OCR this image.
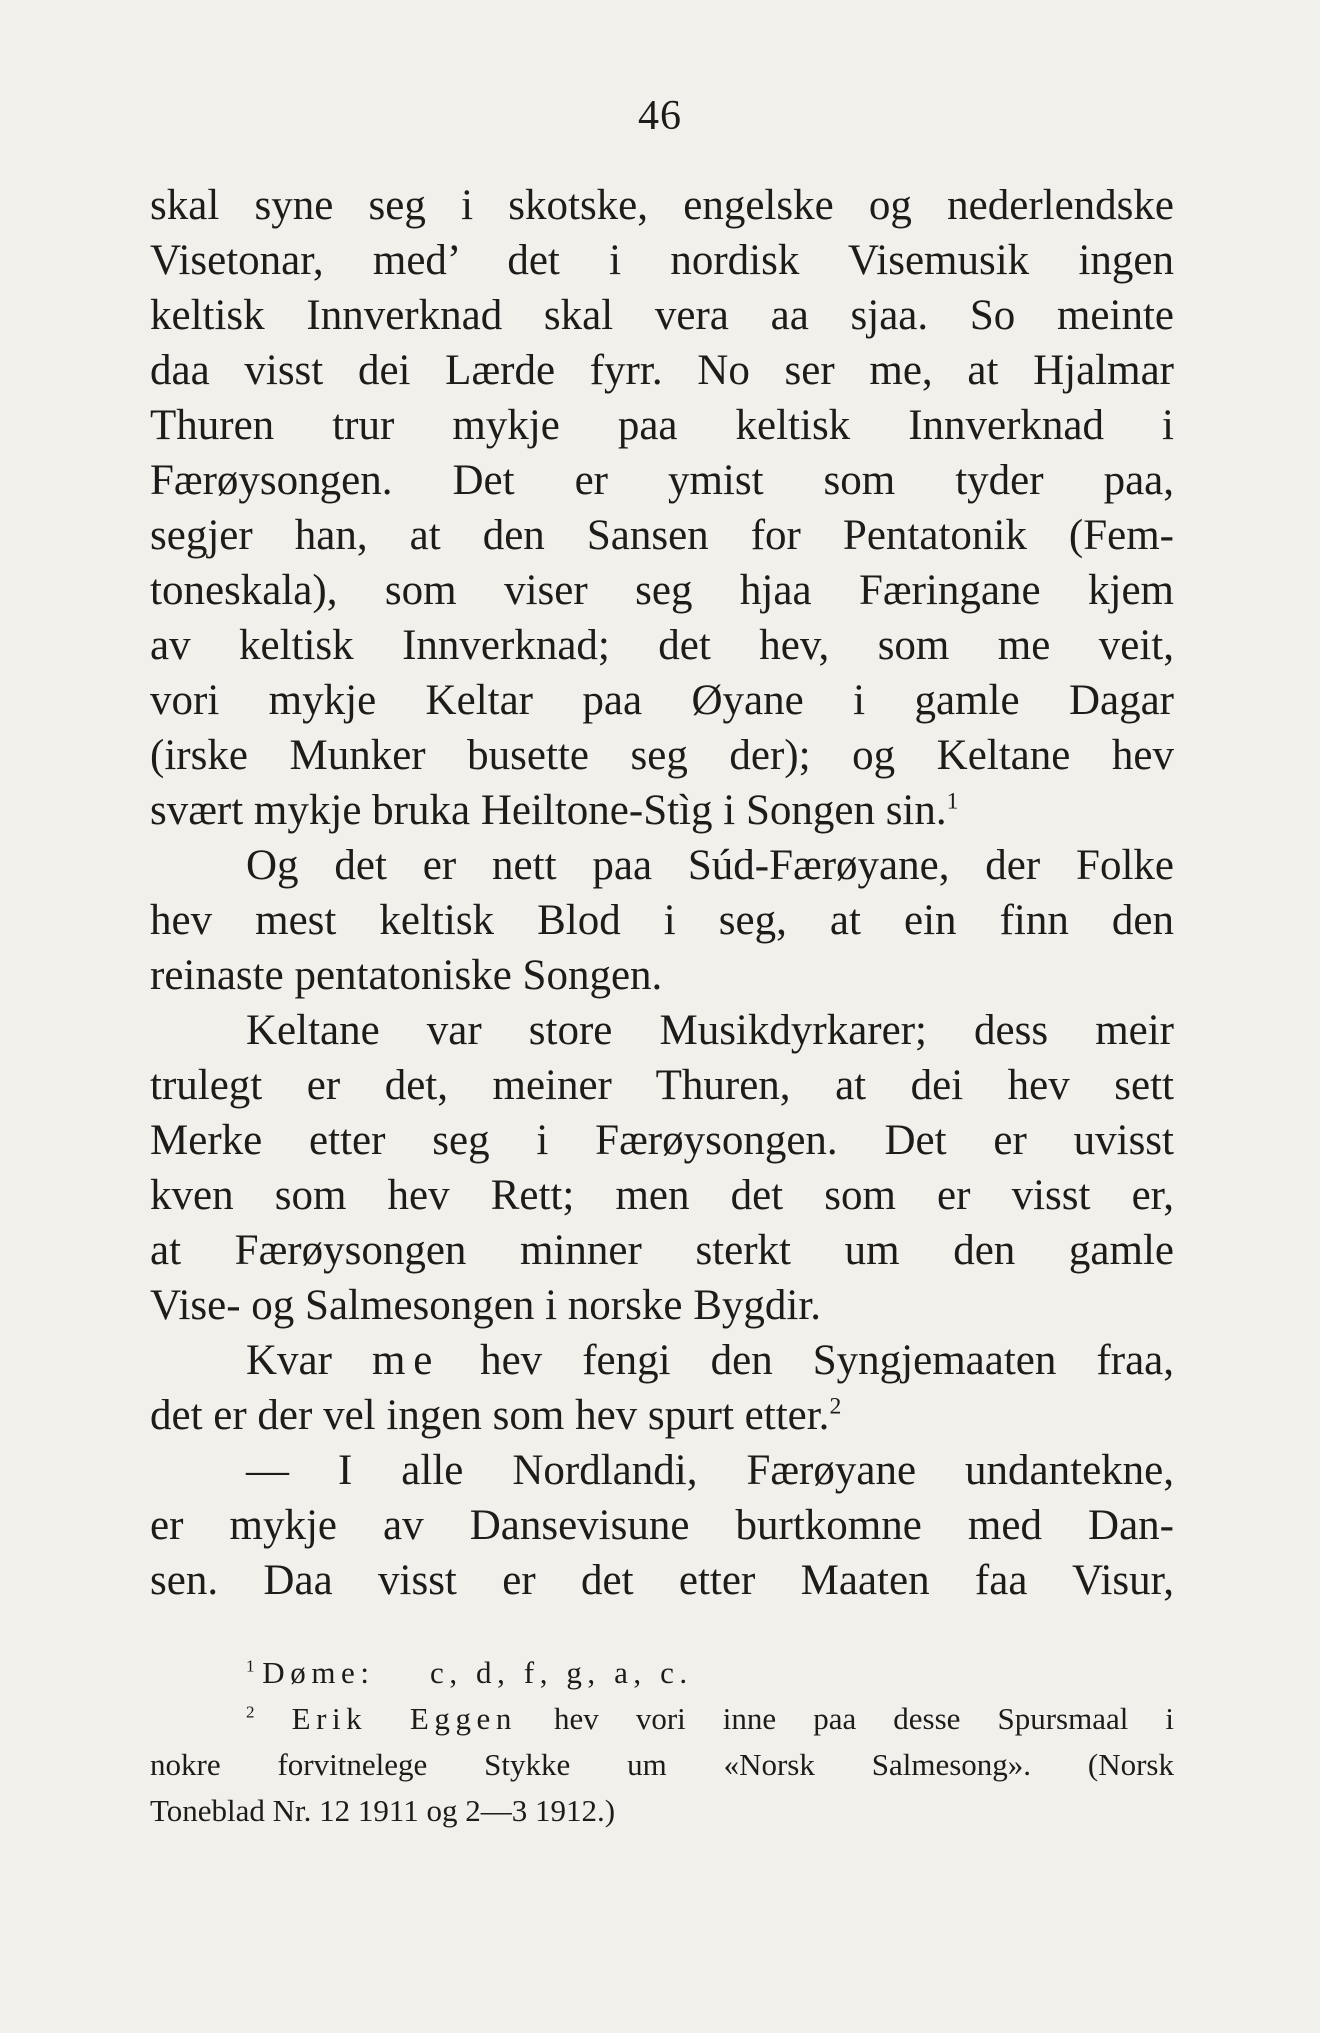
46
skal syne seg i skotske, engelske og nederlendske
Visetonar, med’ det i nordisk Visemusik ingen
keltisk Innverknad skal vera aa sjaa. So meinte
daa visst dei Lærde fyrr. No ser me, at Hjalmar
Thuren trur mykje paa keltisk Innverknad i
Færøysongen. Det er ymist som tyder paa,
segjer han, at den Sansen for Pentatonik (Fem-
toneskala), som viser seg hjaa Færingane kjem
av keltisk Innverknad; det hev, som me veit,
vori mykje Keltar paa Øyane i gamle Dagar
(irske Munker busette seg der); og Keltane hev
svært mykje bruka Heiltone-Stìg i Songen sin.$^1$
Og det er nett paa Súd-Færøyane, der Folke
hev mest keltisk Blod i seg, at ein finn den
reinaste pentatoniske Songen.
Keltane var store Musikdyrkarer; dess meir
trulegt er det, meiner Thuren, at dei hev sett
Merke etter seg i Færøysongen. Det er uvisst
kven som hev Rett; men det som er visst er,
at Færøysongen minner sterkt um den gamle
Vise- og Salmesongen i norske Bygdir.
Kvar me hev fengi den Syngjemaaten fraa,
det er der vel ingen som hev spurt etter.$^2$
— I alle Nordlandi, Færøyane undantekne,
er mykje av Dansevisune burtkomne med Dan-
sen. Daa visst er det etter Maaten faa Visur,
$^1$ Døme: c, d, f, g, a, c.
$^2$ Erik Eggen hev vori inne paa desse Spursmaal i
nokre forvitnelege Stykke um «Norsk Salmesong». (Norsk
Toneblad Nr. 12 1911 og 2—3 1912.)
